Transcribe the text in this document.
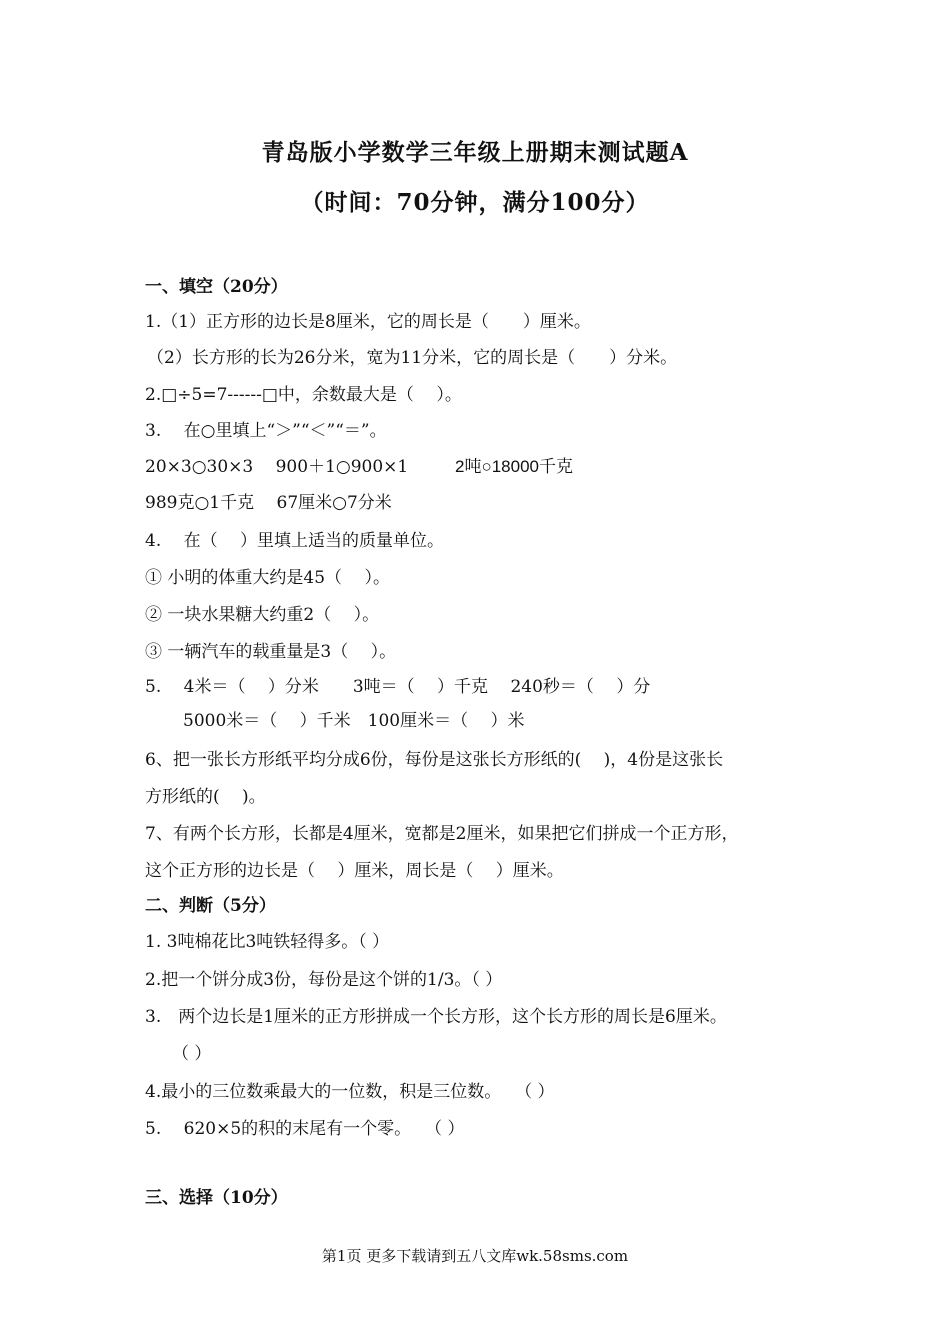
青岛版小学数学三年级上册期末测试题A
（时间：70分钟，满分100分）
一、填空（20分）
1.（1）正方形的边长是8厘米，它的周长是（　　）厘米。
（2）长方形的长为26分米，宽为11分米，它的周长是（　　）分米。
2.□÷5=7------□中，余数最大是（　 ）。
3.　 在○里填上“＞”“＜”“＝”。
20×3○30×3　 900＋1○900×1	2吨○18000千克
989克○1千克　 67厘米○7分米
4.　 在（　 ）里填上适当的质量单位。
① 小明的体重大约是45（　 ）。
② 一块水果糖大约重2（　 ）。
③ 一辆汽车的载重量是3（　 ）。
5.　 4米＝（　 ）分米　　3吨＝（　 ）千克　 240秒＝（　 ）分
5000米＝（　 ）千米　100厘米＝（　 ）米
6、把一张长方形纸平均分成6份，每份是这张长方形纸的(　 )，4份是这张长
方形纸的(　 )。
7、有两个长方形，长都是4厘米，宽都是2厘米，如果把它们拼成一个正方形，
这个正方形的边长是（　 ）厘米，周长是（　 ）厘米。
二、判断（5分）
1. 3吨棉花比3吨铁轻得多。（ ）
2.把一个饼分成3份，每份是这个饼的1/3。（ ）
3.　两个边长是1厘米的正方形拼成一个长方形，这个长方形的周长是6厘米。
（ ）
4.最小的三位数乘最大的一位数，积是三位数。　 （ ）
5.　 620×5的积的末尾有一个零。　 （ ）
三、选择（10分）
第1页 更多下载请到五八文库wk.58sms.com
